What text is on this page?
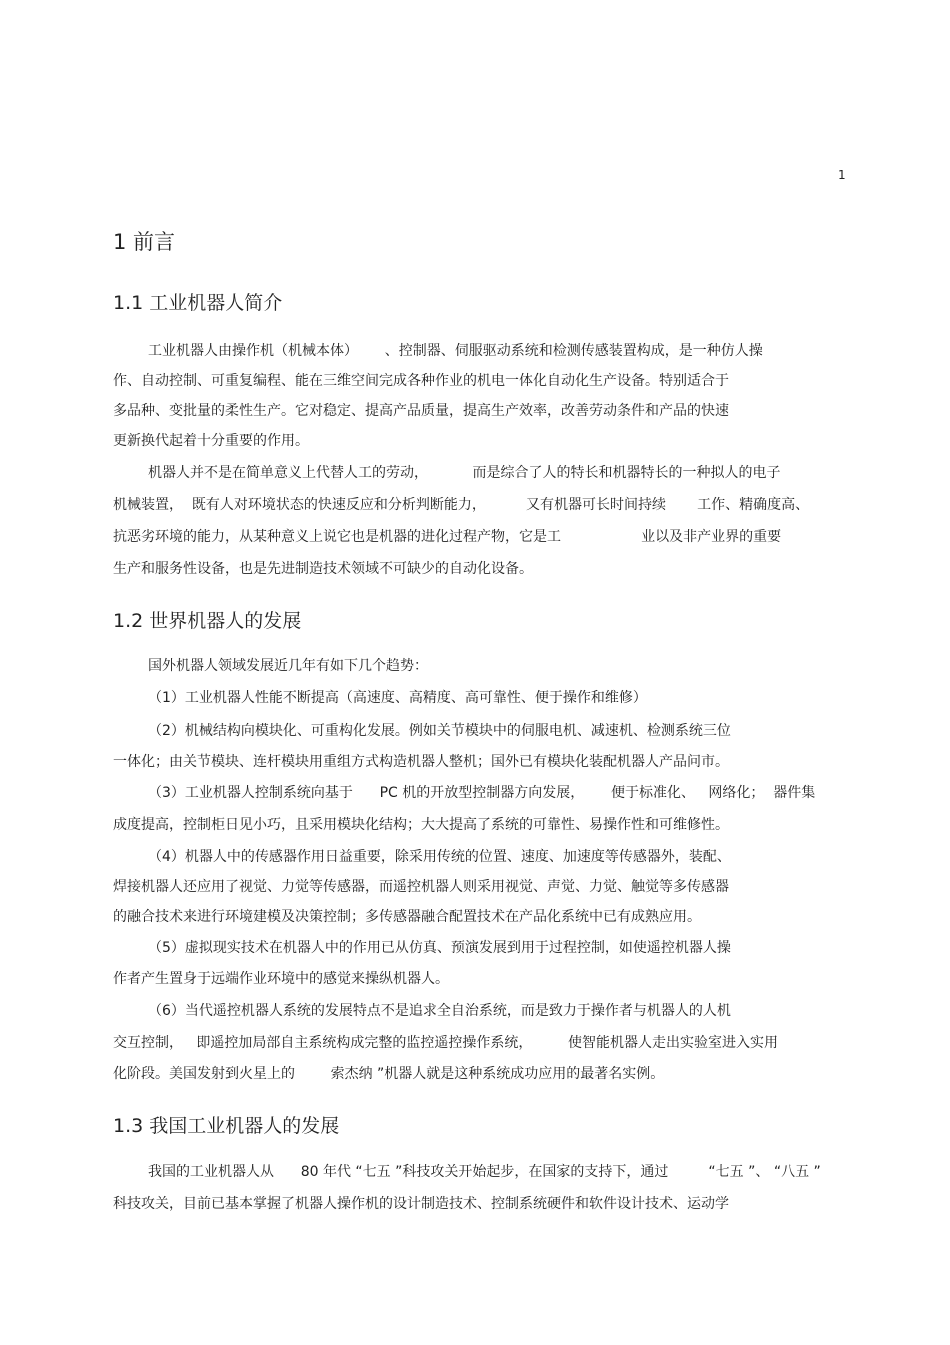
1
1 前言
1.1 工业机器人简介
工业机器人由操作机（机械本体）      、控制器、伺服驱动系统和检测传感装置构成，是一种仿人操
作、自动控制、可重复编程、能在三维空间完成各种作业的机电一体化自动化生产设备。特别适合于
多品种、变批量的柔性生产。它对稳定、提高产品质量，提高生产效率，改善劳动条件和产品的快速
更新换代起着十分重要的作用。
机器人并不是在简单意义上代替人工的劳动，          而是综合了人的特长和机器特长的一种拟人的电子
机械装置，  既有人对环境状态的快速反应和分析判断能力，         又有机器可长时间持续       工作、精确度高、
抗恶劣环境的能力，从某种意义上说它也是机器的进化过程产物，它是工                  业以及非产业界的重要
生产和服务性设备，也是先进制造技术领域不可缺少的自动化设备。
1.2 世界机器人的发展
国外机器人领域发展近几年有如下几个趋势：
（1）工业机器人性能不断提高（高速度、高精度、高可靠性、便于操作和维修）
（2）机械结构向模块化、可重构化发展。例如关节模块中的伺服电机、减速机、检测系统三位
一体化；由关节模块、连杆模块用重组方式构造机器人整机；国外已有模块化装配机器人产品问市。
（3）工业机器人控制系统向基于      PC 机的开放型控制器方向发展，      便于标准化、   网络化；  器件集
成度提高，控制柜日见小巧，且采用模块化结构；大大提高了系统的可靠性、易操作性和可维修性。
（4）机器人中的传感器作用日益重要，除采用传统的位置、速度、加速度等传感器外，装配、
焊接机器人还应用了视觉、力觉等传感器，而遥控机器人则采用视觉、声觉、力觉、触觉等多传感器
的融合技术来进行环境建模及决策控制；多传感器融合配置技术在产品化系统中已有成熟应用。
（5）虚拟现实技术在机器人中的作用已从仿真、预演发展到用于过程控制，如使遥控机器人操
作者产生置身于远端作业环境中的感觉来操纵机器人。
（6）当代遥控机器人系统的发展特点不是追求全自治系统，而是致力于操作者与机器人的人机
交互控制，   即遥控加局部自主系统构成完整的监控遥控操作系统，        使智能机器人走出实验室进入实用
化阶段。美国发射到火星上的        索杰纳 ”机器人就是这种系统成功应用的最著名实例。
1.3 我国工业机器人的发展
我国的工业机器人从      80 年代 “七五 ”科技攻关开始起步，在国家的支持下，通过         “七五 ”、 “八五 ”
科技攻关，目前已基本掌握了机器人操作机的设计制造技术、控制系统硬件和软件设计技术、运动学
